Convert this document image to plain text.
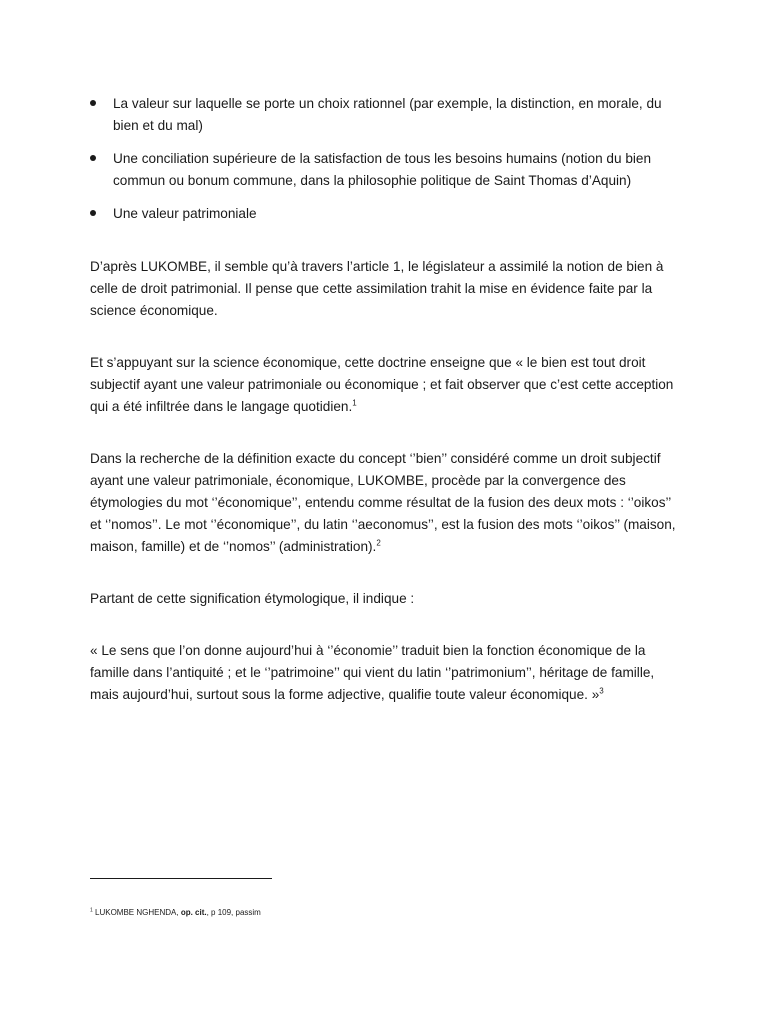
La valeur sur laquelle se porte un choix rationnel (par exemple, la distinction, en morale, du bien et du mal)
Une conciliation supérieure de la satisfaction de tous les besoins humains (notion du bien commun ou bonum commune, dans la philosophie politique de Saint Thomas d’Aquin)
Une valeur patrimoniale

D’après LUKOMBE, il semble qu’à travers l’article 1, le législateur a assimilé la notion de bien à celle de droit patrimonial. Il pense que cette assimilation trahit la mise en évidence faite par la science économique.

Et s’appuyant sur la science économique, cette doctrine enseigne que « le bien est tout droit subjectif ayant une valeur patrimoniale ou économique ; et fait observer que c’est cette acception qui a été infiltrée dans le langage quotidien.$^1$

Dans la recherche de la définition exacte du concept ‘’bien’’ considéré comme un droit subjectif ayant une valeur patrimoniale, économique, LUKOMBE, procède par la convergence des étymologies du mot ‘’économique’’, entendu comme résultat de la fusion des deux mots : ‘’oikos’’ et ‘’nomos’’. Le mot ‘’économique’’, du latin ‘’aeconomus’’, est la fusion des mots ‘’oikos’’ (maison, maison, famille) et de ‘’nomos’’ (administration).$^2$

Partant de cette signification étymologique, il indique :

« Le sens que l’on donne aujourd’hui à ‘’économie’’ traduit bien la fonction économique de la famille dans l’antiquité ; et le ‘’patrimoine’’ qui vient du latin ‘’patrimonium’’, héritage de famille, mais aujourd’hui, surtout sous la forme adjective, qualifie toute valeur économique. »$^3$

$^1$ LUKOMBE NGHENDA, op. cit., p 109, passim
